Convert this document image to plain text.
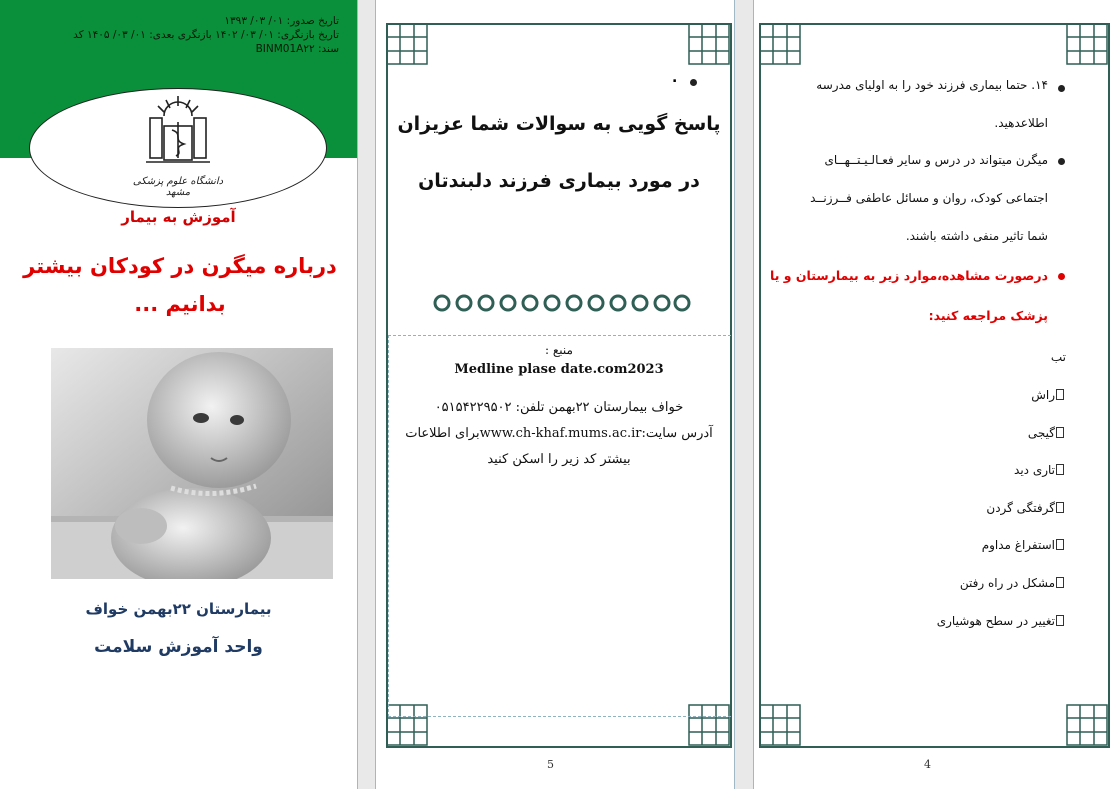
تاریخ صدور: ۰۱/ ۰۳/ ۱۳۹۳
تاریخ بازنگری: ۰۱/ ۰۳/ ۱۴۰۲ بازنگری بعدی: ۰۱/ ۰۳/ ۱۴۰۵ کد
سند: BINM01A۲۲
دانشگاه علوم پزشکی مشهد
آموزش به بیمار
درباره میگرن در کودکان بیشتر
بدانیم ...
بیمارستان ۲۲بهمن خواف
واحد آموزش سلامت
.
پاسخ گویی به سوالات شما عزیزان
در مورد بیماری فرزند دلبندتان
منبع :
Medline plase date.com2023
خواف بیمارستان ۲۲بهمن تلفن: ۰۵۱۵۴۲۲۹۵۰۲
آدرس سایت:www.ch-khaf.mums.ac.irبرای اطلاعات
بیشتر کد زیر را اسکن کنید
5
۱۴. حتما بیماری فرزند خود را به اولیای مدرسه
اطلاعدهید.
میگرن میتواند در درس و سایر فعـالـیـتــهــای
اجتماعی کودک، روان و مسائل عاطفی فــرزنــد
شما تاثیر منفی داشته باشند.
درصورت مشاهده،موارد زیر به بیمارستان و یا
پزشک مراجعه کنید:
تب
راش
گیجی
تاری دید
گرفتگی گردن
استفراغ مداوم
مشکل در راه رفتن
تغییر در سطح هوشیاری
4
